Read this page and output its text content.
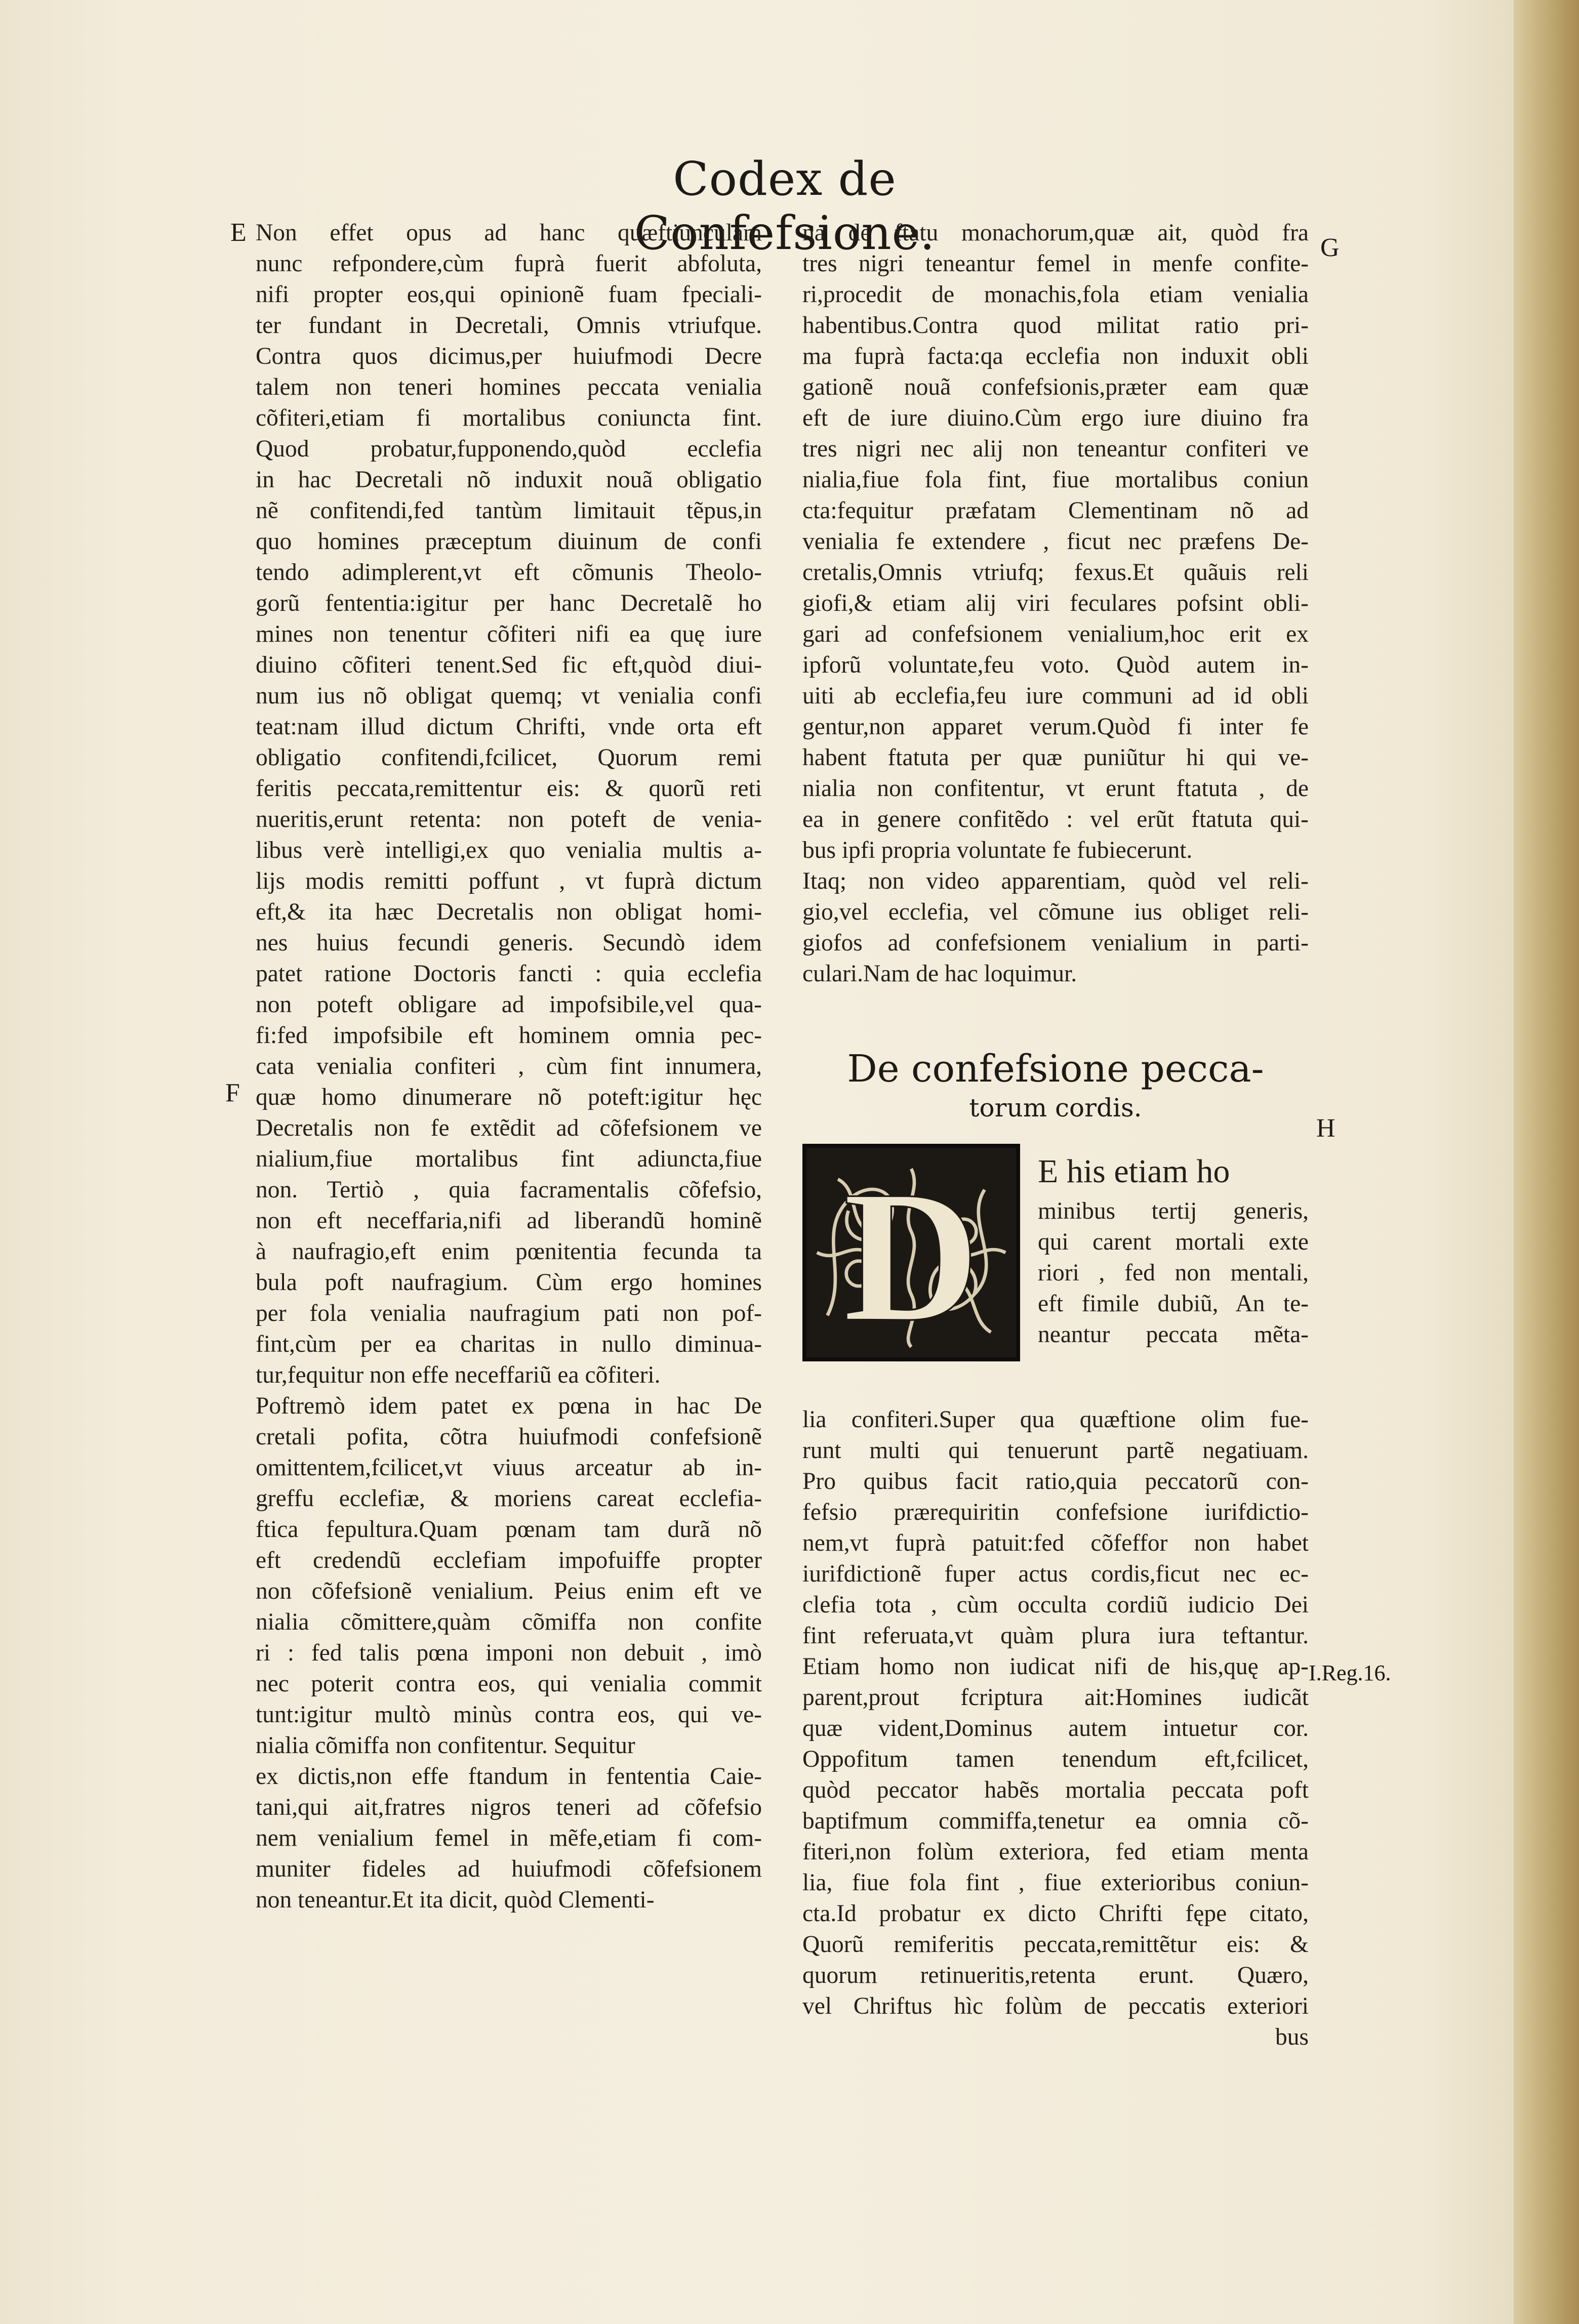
Codex de Confefsione.
E
F
G
H
I.Reg.16.
Non effet opus ad hanc quæftiunculam
nunc refpondere,cùm fuprà fuerit abfoluta,
nifi propter eos,qui opinionẽ fuam fpeciali-
ter fundant in Decretali, Omnis vtriufque.
Contra quos dicimus,per huiufmodi Decre
talem non teneri homines peccata venialia
cõfiteri,etiam fi mortalibus coniuncta fint.
Quod probatur,fupponendo,quòd ecclefia
in hac Decretali nõ induxit nouã obligatio
nẽ confitendi,fed tantùm limitauit tẽpus,in
quo homines præceptum diuinum de confi
tendo adimplerent,vt eft cõmunis Theolo-
gorũ fententia:igitur per hanc Decretalẽ ho
mines non tenentur cõfiteri nifi ea quę iure
diuino cõfiteri tenent.Sed fic eft,quòd diui-
num ius nõ obligat quemq; vt venialia confi
teat:nam illud dictum Chrifti, vnde orta eft
obligatio confitendi,fcilicet, Quorum remi
feritis peccata,remittentur eis: & quorũ reti
nueritis,erunt retenta: non poteft de venia-
libus verè intelligi,ex quo venialia multis a-
lijs modis remitti poffunt , vt fuprà dictum
eft,& ita hæc Decretalis non obligat homi-
nes huius fecundi generis. Secundò idem
patet ratione Doctoris fancti : quia ecclefia
non poteft obligare ad impofsibile,vel qua-
fi:fed impofsibile eft hominem omnia pec-
cata venialia confiteri , cùm fint innumera,
quæ homo dinumerare nõ poteft:igitur hęc
Decretalis non fe extẽdit ad cõfefsionem ve
nialium,fiue mortalibus fint adiuncta,fiue
non. Tertiò , quia facramentalis cõfefsio,
non eft neceffaria,nifi ad liberandũ hominẽ
à naufragio,eft enim pœnitentia fecunda ta
bula poft naufragium. Cùm ergo homines
per fola venialia naufragium pati non pof-
fint,cùm per ea charitas in nullo diminua-
tur,fequitur non effe neceffariũ ea cõfiteri.
Poftremò idem patet ex pœna in hac De
cretali pofita, cõtra huiufmodi confefsionẽ
omittentem,fcilicet,vt viuus arceatur ab in-
greffu ecclefiæ, & moriens careat ecclefia-
ftica fepultura.Quam pœnam tam durã nõ
eft credendũ ecclefiam impofuiffe propter
non cõfefsionẽ venialium. Peius enim eft ve
nialia cõmittere,quàm cõmiffa non confite
ri : fed talis pœna imponi non debuit , imò
nec poterit contra eos, qui venialia commit
tunt:igitur multò minùs contra eos, qui ve-
nialia cõmiffa non confitentur. Sequitur
ex dictis,non effe ftandum in fententia Caie-
tani,qui ait,fratres nigros teneri ad cõfefsio
nem venialium femel in mẽfe,etiam fi com-
muniter fideles ad huiufmodi cõfefsionem
non teneantur.Et ita dicit, quòd Clementi-
na de ftatu monachorum,quæ ait, quòd fra
tres nigri teneantur femel in menfe confite-
ri,procedit de monachis,fola etiam venialia
habentibus.Contra quod militat ratio pri-
ma fuprà facta:qa ecclefia non induxit obli
gationẽ nouã confefsionis,præter eam quæ
eft de iure diuino.Cùm ergo iure diuino fra
tres nigri nec alij non teneantur confiteri ve
nialia,fiue fola fint, fiue mortalibus coniun
cta:fequitur præfatam Clementinam nõ ad
venialia fe extendere , ficut nec præfens De-
cretalis,Omnis vtriufq; fexus.Et quãuis reli
giofi,& etiam alij viri feculares pofsint obli-
gari ad confefsionem venialium,hoc erit ex
ipforũ voluntate,feu voto. Quòd autem in-
uiti ab ecclefia,feu iure communi ad id obli
gentur,non apparet verum.Quòd fi inter fe
habent ftatuta per quæ puniũtur hi qui ve-
nialia non confitentur, vt erunt ftatuta , de
ea in genere confitẽdo : vel erũt ftatuta qui-
bus ipfi propria voluntate fe fubiecerunt.
Itaq; non video apparentiam, quòd vel reli-
gio,vel ecclefia, vel cõmune ius obliget reli-
giofos ad confefsionem venialium in parti-
culari.Nam de hac loquimur.
De confefsione pecca-
torum cordis.
D E his etiam ho
minibus tertij generis,
qui carent mortali exte
riori , fed non mentali,
eft fimile dubiũ, An te-
neantur peccata mẽta-
lia confiteri.Super qua quæftione olim fue-
runt multi qui tenuerunt partẽ negatiuam.
Pro quibus facit ratio,quia peccatorũ con-
fefsio prærequiritin confefsione iurifdictio-
nem,vt fuprà patuit:fed cõfeffor non habet
iurifdictionẽ fuper actus cordis,ficut nec ec-
clefia tota , cùm occulta cordiũ iudicio Dei
fint referuata,vt quàm plura iura teftantur.
Etiam homo non iudicat nifi de his,quę ap-
parent,prout fcriptura ait:Homines iudicãt
quæ vident,Dominus autem intuetur cor.
Oppofitum tamen tenendum eft,fcilicet,
quòd peccator habẽs mortalia peccata poft
baptifmum commiffa,tenetur ea omnia cõ-
fiteri,non folùm exteriora, fed etiam menta
lia, fiue fola fint , fiue exterioribus coniun-
cta.Id probatur ex dicto Chrifti fępe citato,
Quorũ remiferitis peccata,remittẽtur eis: &
quorum retinueritis,retenta erunt. Quæro,
vel Chriftus hìc folùm de peccatis exteriori
bus
